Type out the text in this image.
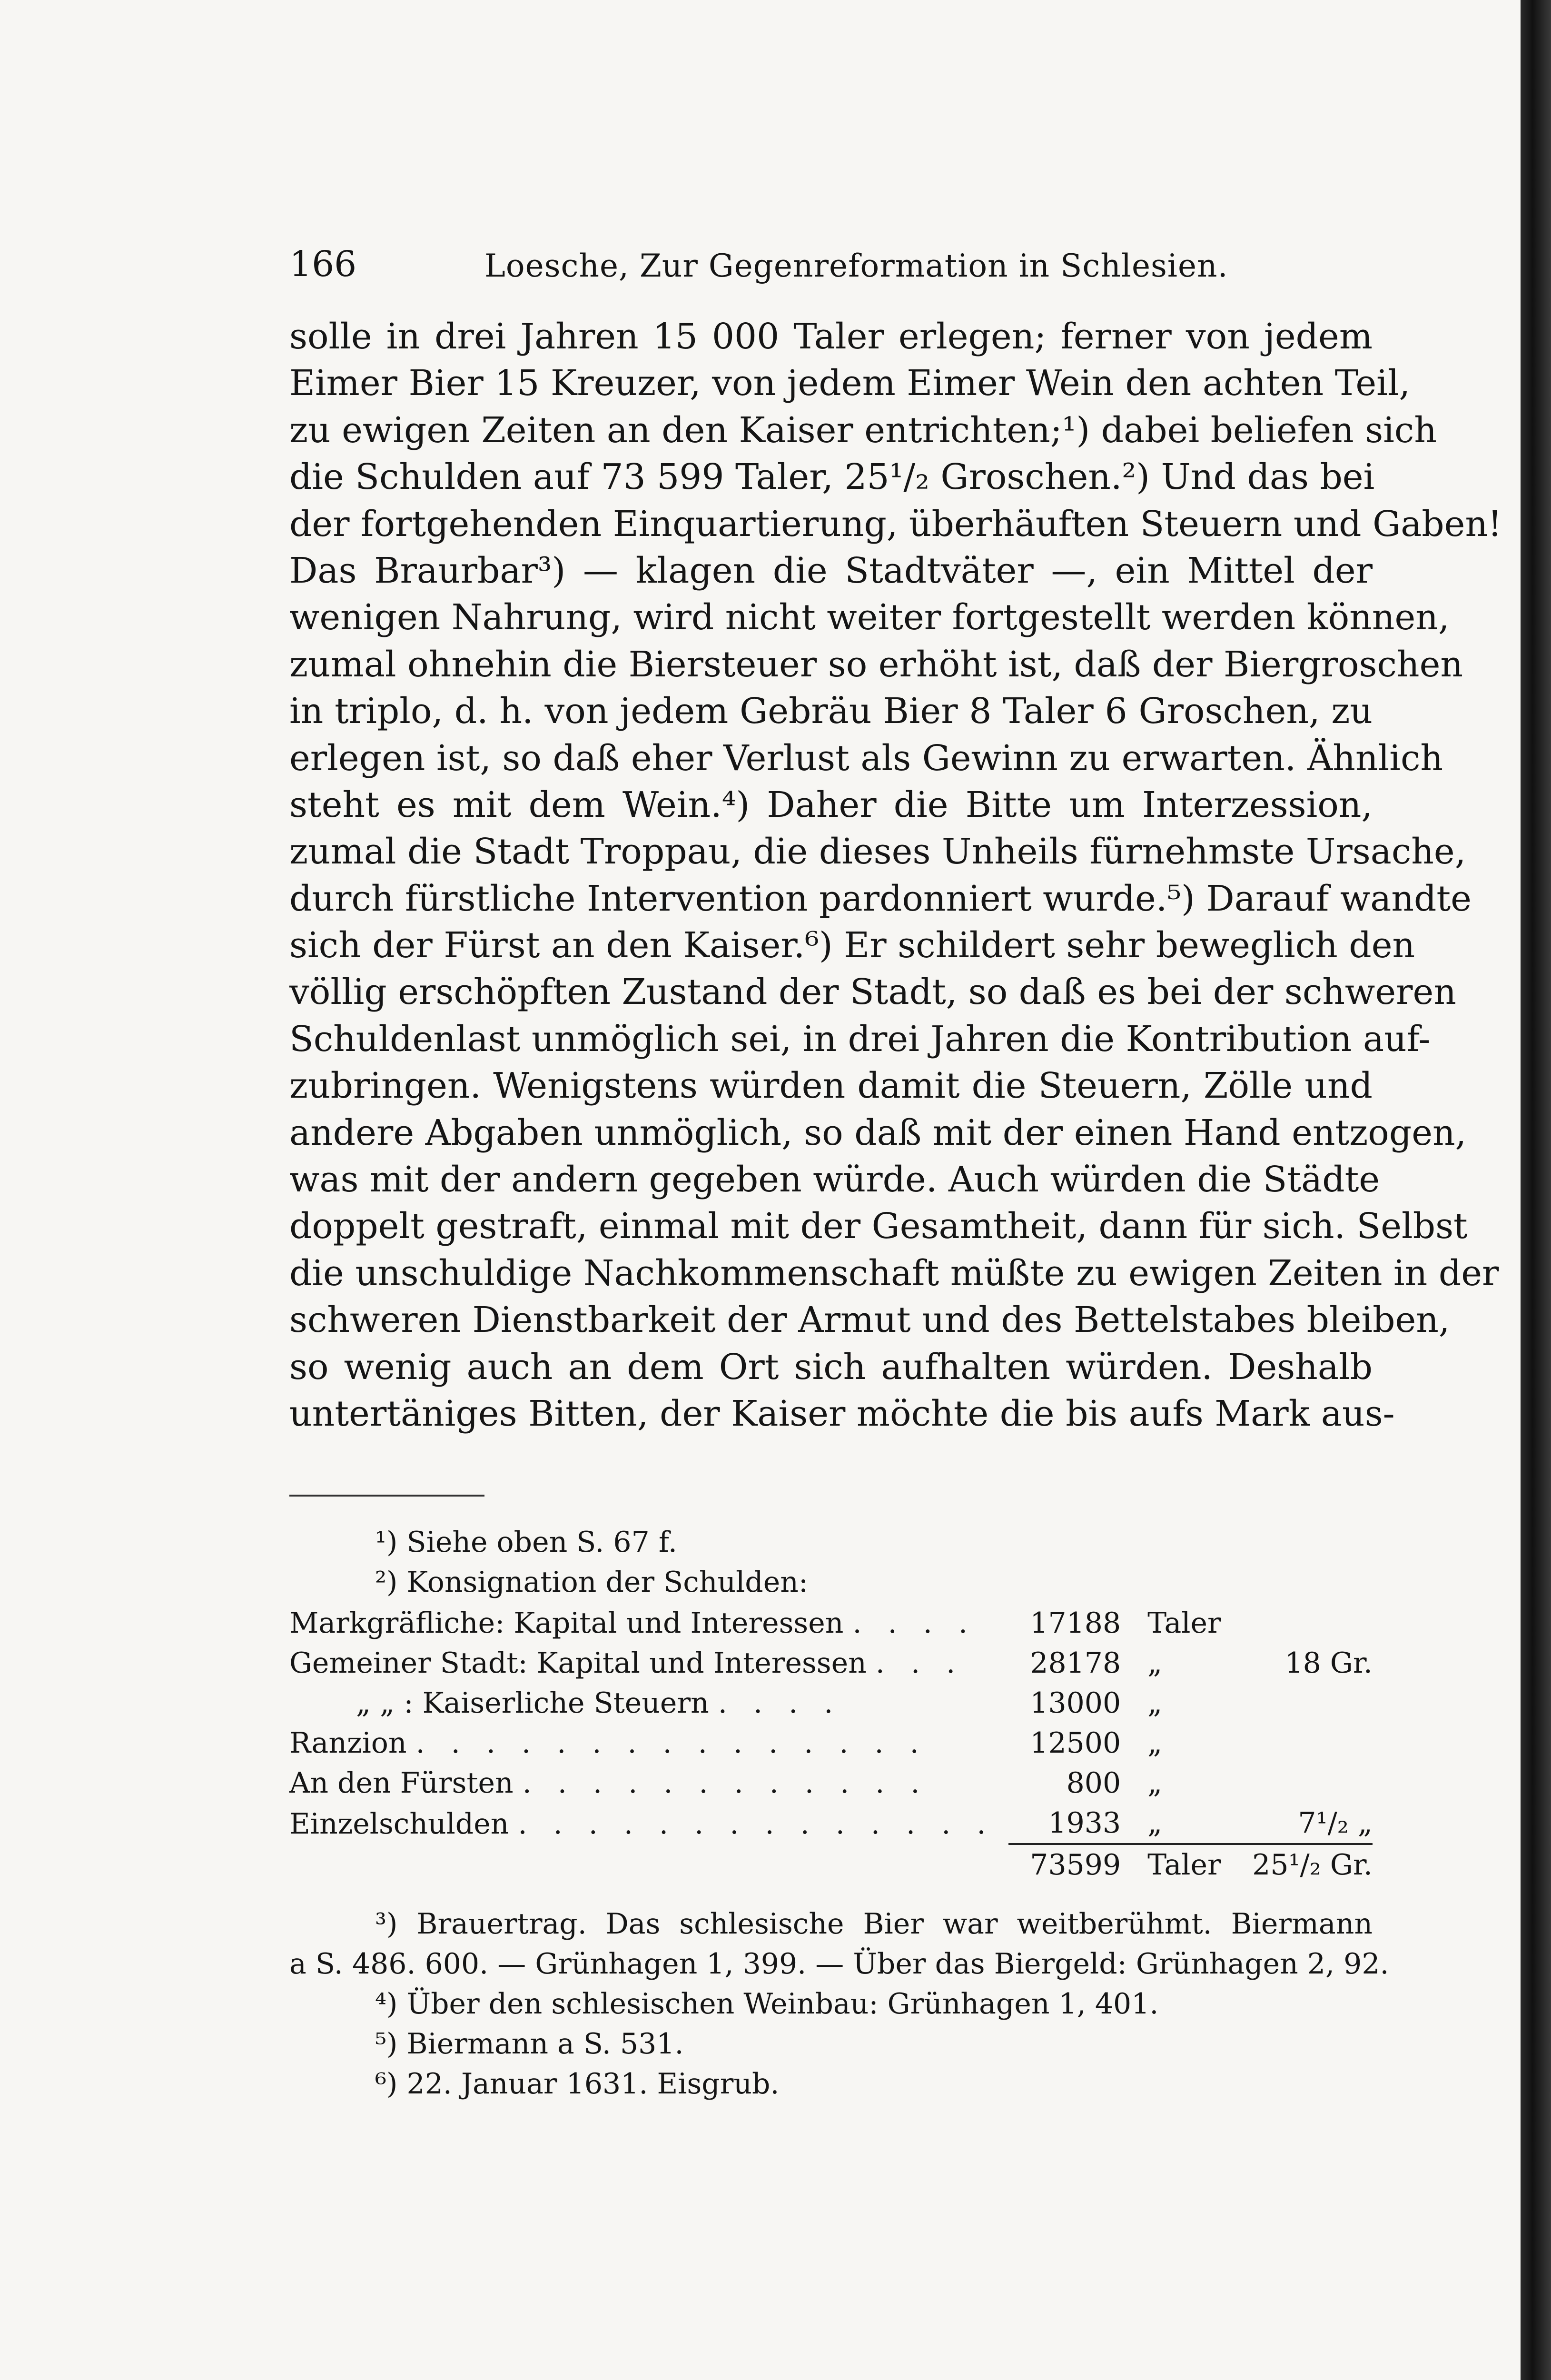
166	Loesche, Zur Gegenreformation in Schlesien.
solle in drei Jahren 15 000 Taler erlegen; ferner von jedem
Eimer Bier 15 Kreuzer, von jedem Eimer Wein den achten Teil,
zu ewigen Zeiten an den Kaiser entrichten;¹) dabei beliefen sich
die Schulden auf 73 599 Taler, 25¹/₂ Groschen.²) Und das bei
der fortgehenden Einquartierung, überhäuften Steuern und Gaben!
Das Braurbar³) — klagen die Stadtväter —, ein Mittel der
wenigen Nahrung, wird nicht weiter fortgestellt werden können,
zumal ohnehin die Biersteuer so erhöht ist, daß der Biergroschen
in triplo, d. h. von jedem Gebräu Bier 8 Taler 6 Groschen, zu
erlegen ist, so daß eher Verlust als Gewinn zu erwarten. Ähnlich
steht es mit dem Wein.⁴) Daher die Bitte um Interzession,
zumal die Stadt Troppau, die dieses Unheils fürnehmste Ursache,
durch fürstliche Intervention pardonniert wurde.⁵) Darauf wandte
sich der Fürst an den Kaiser.⁶) Er schildert sehr beweglich den
völlig erschöpften Zustand der Stadt, so daß es bei der schweren
Schuldenlast unmöglich sei, in drei Jahren die Kontribution auf-
zubringen. Wenigstens würden damit die Steuern, Zölle und
andere Abgaben unmöglich, so daß mit der einen Hand entzogen,
was mit der andern gegeben würde. Auch würden die Städte
doppelt gestraft, einmal mit der Gesamtheit, dann für sich. Selbst
die unschuldige Nachkommenschaft müßte zu ewigen Zeiten in der
schweren Dienstbarkeit der Armut und des Bettelstabes bleiben,
so wenig auch an dem Ort sich aufhalten würden. Deshalb
untertäniges Bitten, der Kaiser möchte die bis aufs Mark aus-
¹) Siehe oben S. 67 f.
²) Konsignation der Schulden:
Markgräfliche: Kapital und Interessen . . . .	17188	Taler	
Gemeiner Stadt: Kapital und Interessen . . .	28178	„	18 Gr.
„ „ : Kaiserliche Steuern . . . .	13000	„	
Ranzion . . . . . . . . . . . . . . .	12500	„	
An den Fürsten . . . . . . . . . . . .	800	„	
Einzelschulden . . . . . . . . . . . . . .	1933	„	7¹/₂ „
	73599	Taler	25¹/₂ Gr.
³) Brauertrag. Das schlesische Bier war weitberühmt. Biermann
a S. 486. 600. — Grünhagen 1, 399. — Über das Biergeld: Grünhagen 2, 92.
⁴) Über den schlesischen Weinbau: Grünhagen 1, 401.
⁵) Biermann a S. 531.
⁶) 22. Januar 1631. Eisgrub.
